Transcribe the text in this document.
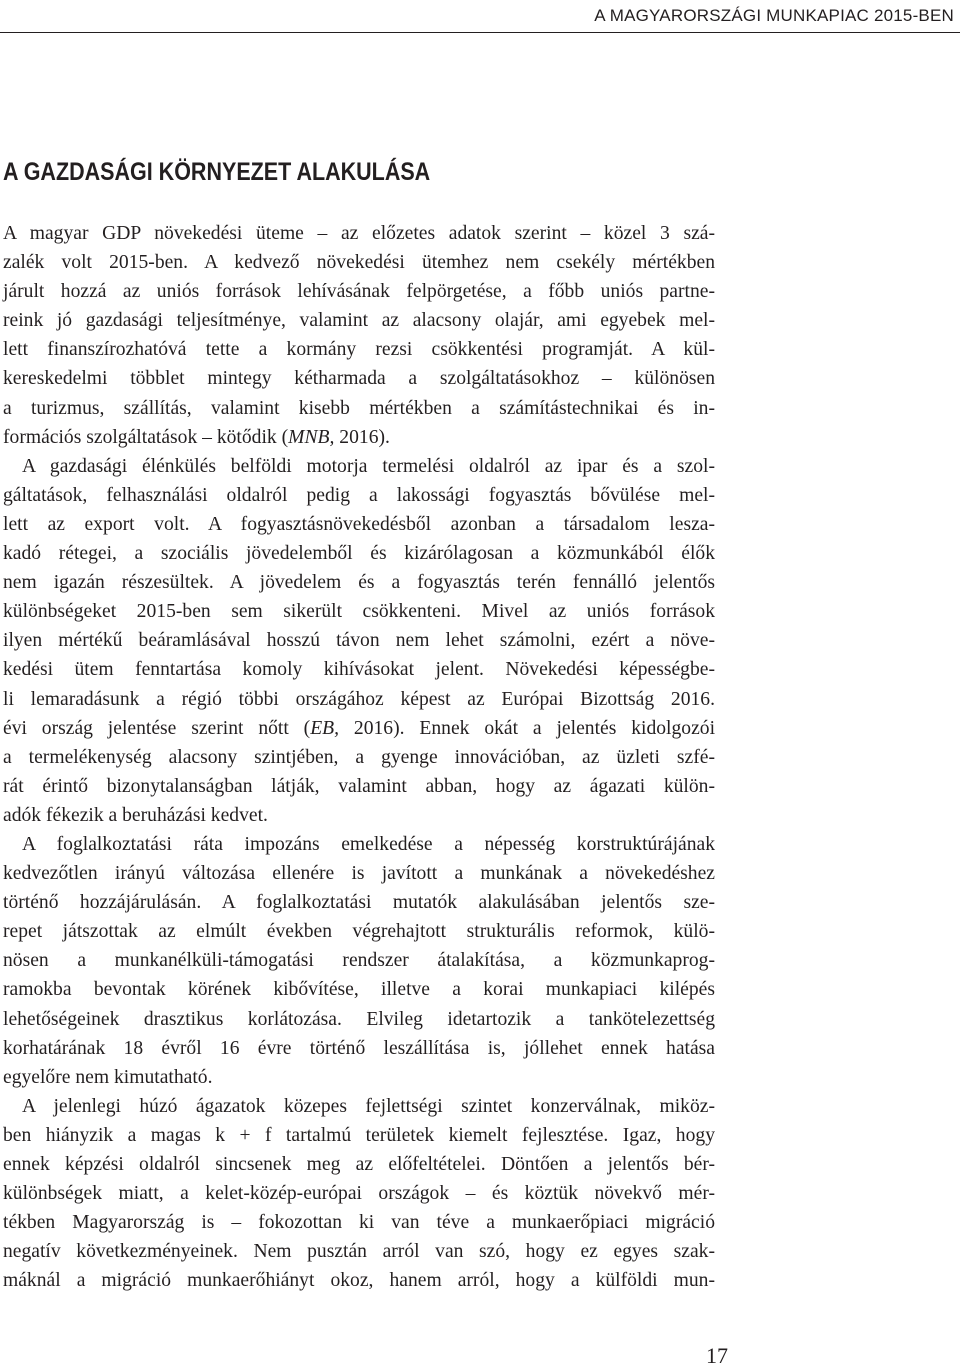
A MAGYARORSZÁGI MUNKAPIAC 2015-BEN
A GAZDASÁGI KÖRNYEZET ALAKULÁSA
A magyar GDP növekedési üteme – az előzetes adatok szerint – közel 3 szá-
zalék volt 2015-ben. A kedvező növekedési ütemhez nem csekély mértékben
járult hozzá az uniós források lehívásának felpörgetése, a főbb uniós partne-
reink jó gazdasági teljesítménye, valamint az alacsony olajár, ami egyebek mel-
lett finanszírozhatóvá tette a kormány rezsi csökkentési programját. A kül-
kereskedelmi többlet mintegy kétharmada a szolgáltatásokhoz – különösen
a turizmus, szállítás, valamint kisebb mértékben a számítástechnikai és in-
formációs szolgáltatások – kötődik (MNB, 2016).
A gazdasági élénkülés belföldi motorja termelési oldalról az ipar és a szol-
gáltatások, felhasználási oldalról pedig a lakossági fogyasztás bővülése mel-
lett az export volt. A fogyasztásnövekedésből azonban a társadalom lesza-
kadó rétegei, a szociális jövedelemből és kizárólagosan a közmunkából élők
nem igazán részesültek. A jövedelem és a fogyasztás terén fennálló jelentős
különbségeket 2015-ben sem sikerült csökkenteni. Mivel az uniós források
ilyen mértékű beáramlásával hosszú távon nem lehet számolni, ezért a növe-
kedési ütem fenntartása komoly kihívásokat jelent. Növekedési képességbe-
li lemaradásunk a régió többi országához képest az Európai Bizottság 2016.
évi ország jelentése szerint nőtt (EB, 2016). Ennek okát a jelentés kidolgozói
a termelékenység alacsony szintjében, a gyenge innovációban, az üzleti szfé-
rát érintő bizonytalanságban látják, valamint abban, hogy az ágazati külön-
adók fékezik a beruházási kedvet.
A foglalkoztatási ráta impozáns emelkedése a népesség korstruktúrájának
kedvezőtlen irányú változása ellenére is javított a munkának a növekedéshez
történő hozzájárulásán. A foglalkoztatási mutatók alakulásában jelentős sze-
repet játszottak az elmúlt években végrehajtott strukturális reformok, külö-
nösen a munkanélküli-támogatási rendszer átalakítása, a közmunkaprog-
ramokba bevontak körének kibővítése, illetve a korai munkapiaci kilépés
lehetőségeinek drasztikus korlátozása. Elvileg idetartozik a tankötelezettség
korhatárának 18 évről 16 évre történő leszállítása is, jóllehet ennek hatása
egyelőre nem kimutatható.
A jelenlegi húzó ágazatok közepes fejlettségi szintet konzerválnak, miköz-
ben hiányzik a magas k + f tartalmú területek kiemelt fejlesztése. Igaz, hogy
ennek képzési oldalról sincsenek meg az előfeltételei. Döntően a jelentős bér-
különbségek miatt, a kelet-közép-európai országok – és köztük növekvő mér-
tékben Magyarország is – fokozottan ki van téve a munkaerőpiaci migráció
negatív következményeinek. Nem pusztán arról van szó, hogy ez egyes szak-
máknál a migráció munkaerőhiányt okoz, hanem arról, hogy a külföldi mun-
17
